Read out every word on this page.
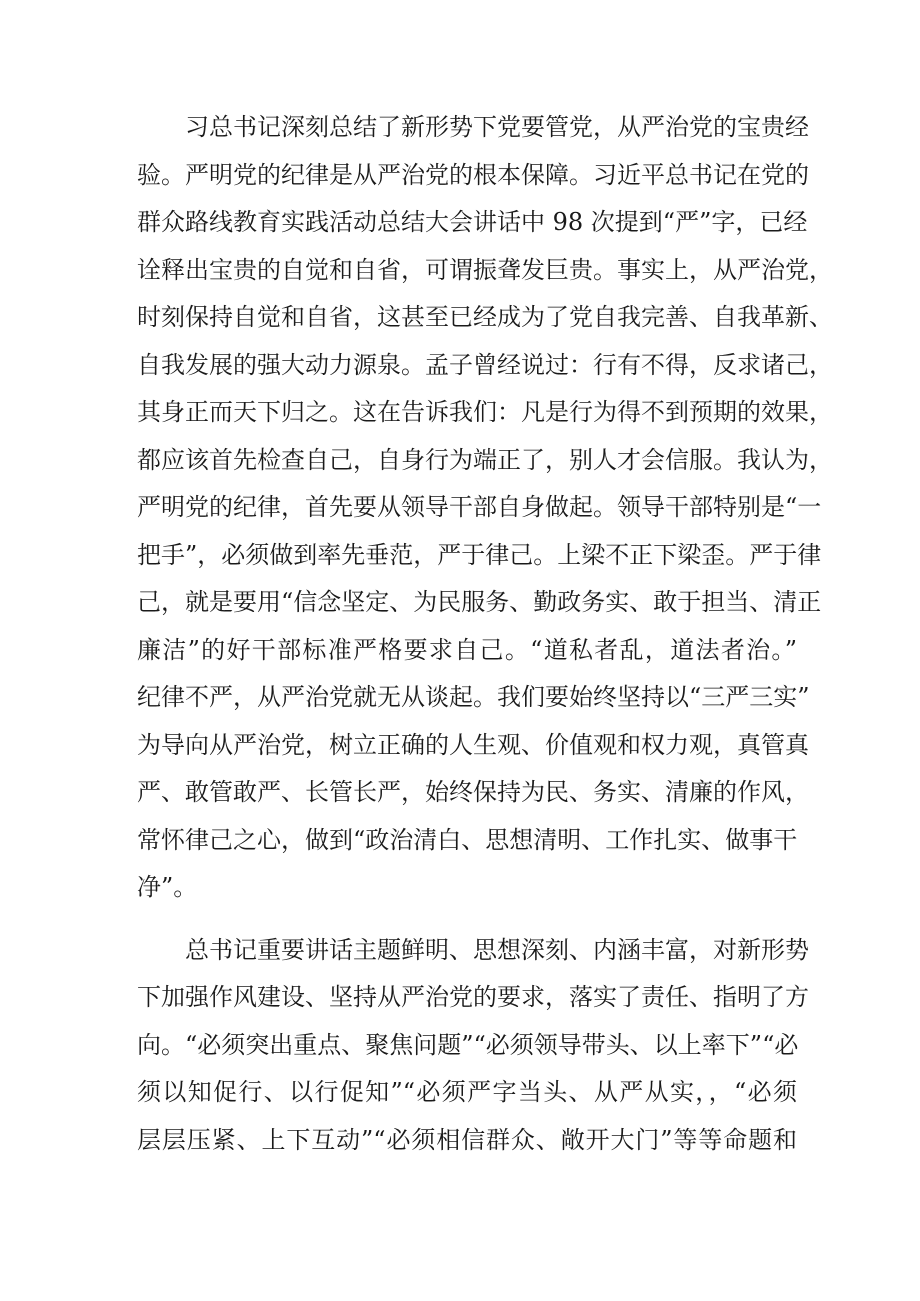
习总书记深刻总结了新形势下党要管党，从严治党的宝贵经
验。严明党的纪律是从严治党的根本保障。习近平总书记在党的
群众路线教育实践活动总结大会讲话中 98 次提到“严”字，已经
诠释出宝贵的自觉和自省，可谓振聋发巨贵。事实上，从严治党，
时刻保持自觉和自省，这甚至已经成为了党自我完善、自我革新、
自我发展的强大动力源泉。孟子曾经说过：行有不得，反求诸己，
其身正而天下归之。这在告诉我们：凡是行为得不到预期的效果，
都应该首先检查自己，自身行为端正了，别人才会信服。我认为，
严明党的纪律，首先要从领导干部自身做起。领导干部特别是“一
把手”，必须做到率先垂范，严于律己。上梁不正下梁歪。严于律
己，就是要用“信念坚定、为民服务、勤政务实、敢于担当、清正
廉洁”的好干部标准严格要求自己。“道私者乱，道法者治。”
纪律不严，从严治党就无从谈起。我们要始终坚持以“三严三实”
为导向从严治党，树立正确的人生观、价值观和权力观，真管真
严、敢管敢严、长管长严，始终保持为民、务实、清廉的作风，
常怀律己之心，做到“政治清白、思想清明、工作扎实、做事干
净”。
总书记重要讲话主题鲜明、思想深刻、内涵丰富，对新形势
下加强作风建设、坚持从严治党的要求，落实了责任、指明了方
向。“必须突出重点、聚焦问题”“必须领导带头、以上率下”“必
须以知促行、以行促知”“必须严字当头、从严从实，，“必须
层层压紧、上下互动”“必须相信群众、敞开大门”等等命题和
